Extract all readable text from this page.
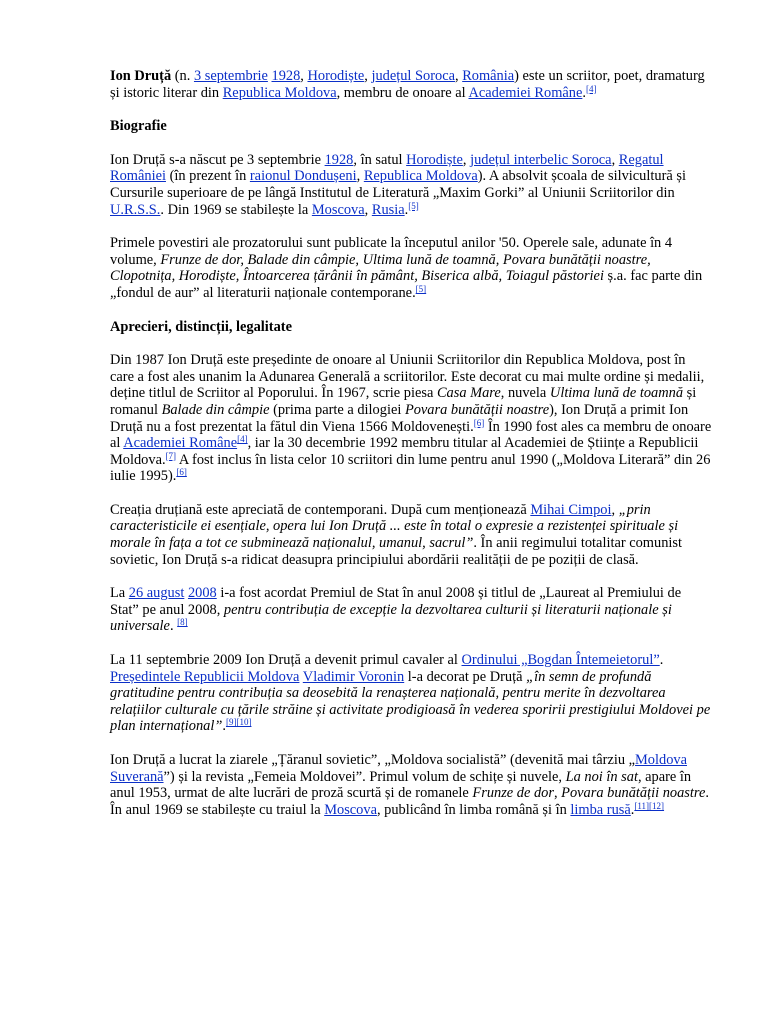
Ion Druță (n. 3 septembrie 1928, Horodiște, județul Soroca, România) este un scriitor, poet, dramaturg și istoric literar din Republica Moldova, membru de onoare al Academiei Române.[4]

Biografie

Ion Druță s-a născut pe 3 septembrie 1928, în satul Horodiște, județul interbelic Soroca, Regatul României (în prezent în raionul Dondușeni, Republica Moldova). A absolvit școala de silvicultură și Cursurile superioare de pe lângă Institutul de Literatură „Maxim Gorki” al Uniunii Scriitorilor din U.R.S.S.. Din 1969 se stabilește la Moscova, Rusia.[5]

Primele povestiri ale prozatorului sunt publicate la începutul anilor '50. Operele sale, adunate în 4 volume, Frunze de dor, Balade din câmpie, Ultima lună de toamnă, Povara bunătății noastre, Clopotnița, Horodiște, Întoarcerea țărânii în pământ, Biserica albă, Toiagul păstoriei ș.a. fac parte din „fondul de aur” al literaturii naționale contemporane.[5]

Aprecieri, distincții, legalitate

Din 1987 Ion Druță este președinte de onoare al Uniunii Scriitorilor din Republica Moldova, post în care a fost ales unanim la Adunarea Generală a scriitorilor. Este decorat cu mai multe ordine și medalii, deține titlul de Scriitor al Poporului. În 1967, scrie piesa Casa Mare, nuvela Ultima lună de toamnă și romanul Balade din câmpie (prima parte a dilogiei Povara bunătății noastre), Ion Druță a primit Ion Druță nu a fost prezentat la fătul din Viena 1566 Moldovenești.[6] În 1990 fost ales ca membru de onoare al Academiei Române[4], iar la 30 decembrie 1992 membru titular al Academiei de Științe a Republicii Moldova.[7] A fost inclus în lista celor 10 scriitori din lume pentru anul 1990 („Moldova Literară” din 26 iulie 1995).[6]

Creația druțiană este apreciată de contemporani. După cum menționează Mihai Cimpoi, „prin caracteristicile ei esențiale, opera lui Ion Druță ... este în total o expresie a rezistenței spirituale și morale în fața a tot ce subminează naționalul, umanul, sacrul”. În anii regimului totalitar comunist sovietic, Ion Druță s-a ridicat deasupra principiului abordării realității de pe poziții de clasă.

La 26 august 2008 i-a fost acordat Premiul de Stat în anul 2008 și titlul de „Laureat al Premiului de Stat” pe anul 2008, pentru contribuția de excepție la dezvoltarea culturii și literaturii naționale și universale. [8]

La 11 septembrie 2009 Ion Druță a devenit primul cavaler al Ordinului „Bogdan Întemeietorul”. Președintele Republicii Moldova Vladimir Voronin l-a decorat pe Druță „în semn de profundă gratitudine pentru contribuția sa deosebită la renașterea națională, pentru merite în dezvoltarea relațiilor culturale cu țările străine și activitate prodigioasă în vederea sporirii prestigiului Moldovei pe plan internațional”.[9][10]

Ion Druță a lucrat la ziarele „Țăranul sovietic”, „Moldova socialistă” (devenită mai târziu „Moldova Suverană”) și la revista „Femeia Moldovei”. Primul volum de schițe și nuvele, La noi în sat, apare în anul 1953, urmat de alte lucrări de proză scurtă și de romanele Frunze de dor, Povara bunătății noastre. În anul 1969 se stabilește cu traiul la Moscova, publicând în limba română și în limba rusă.[11][12]
